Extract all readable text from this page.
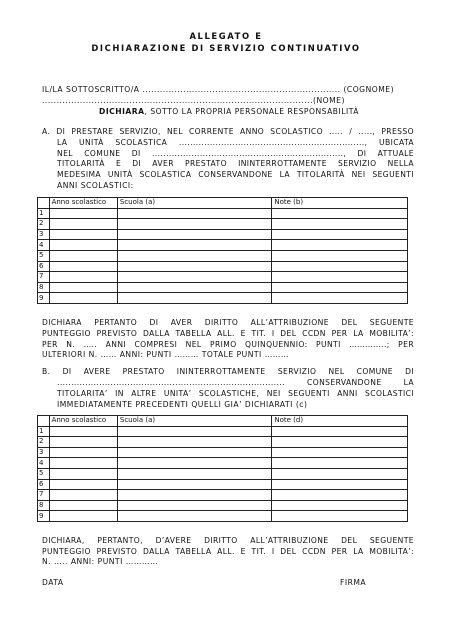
ALLEGATO E
DICHIARAZIONE DI SERVIZIO CONTINUATIVO
IL/LA SOTTOSCRITTO/A .................................................................... (COGNOME)
.............................................................................................(NOME)
DICHIARA, SOTTO LA PROPRIA PERSONALE RESPONSABILITÀ
A. DI PRESTARE SERVIZIO, NEL CORRENTE ANNO SCOLASTICO ..... / ....., PRESSO
LA UNITÀ SCOLASTICA .................................................................., UBICATA
NEL COMUNE DI ...................................................................., DI ATTUALE
TITOLARITÀ E DI AVER PRESTATO ININTERROTTAMENTE SERVIZIO NELLA
MEDESIMA UNITÀ SCOLASTICA CONSERVANDONE LA TITOLARITÀ NEI SEGUENTI
ANNI SCOLASTICI:
	Anno scolastico	Scuola (a)	Note (b)
1			
2			
3			
4			
5			
6			
7			
8			
9			
DICHIARA PERTANTO DI AVER DIRITTO ALL’ATTRIBUZIONE DEL SEGUENTE
PUNTEGGIO PREVISTO DALLA TABELLA ALL. E TIT. I DEL CCDN PER LA MOBILITA’:
PER N. ….. ANNI COMPRESI NEL PRIMO QUINQUENNIO: PUNTI …………..; PER
ULTERIORI N. …… ANNI: PUNTI ……… TOTALE PUNTI ………
B. DI AVERE PRESTATO ININTERROTTAMENTE SERVIZIO NEL COMUNE DI
................................................................................. CONSERVANDONE LA
TITOLARITA’ IN ALTRE UNITA’ SCOLASTICHE, NEI SEGUENTI ANNI SCOLASTICI
IMMEDIATAMENTE PRECEDENTI QUELLI GIA’ DICHIARATI (c)
	Anno scolastico	Scuola (a)	Note (d)
1			
2			
3			
4			
5			
6			
7			
8			
9			
DICHIARA, PERTANTO, D’AVERE DIRITTO ALL’ATTRIBUZIONE DEL SEGUENTE
PUNTEGGIO PREVISTO DALLA TABELLA ALL. E TIT. I DEL CCDN PER LA MOBILITA’:
N. ….. ANNI: PUNTI …………
DATA	FIRMA
